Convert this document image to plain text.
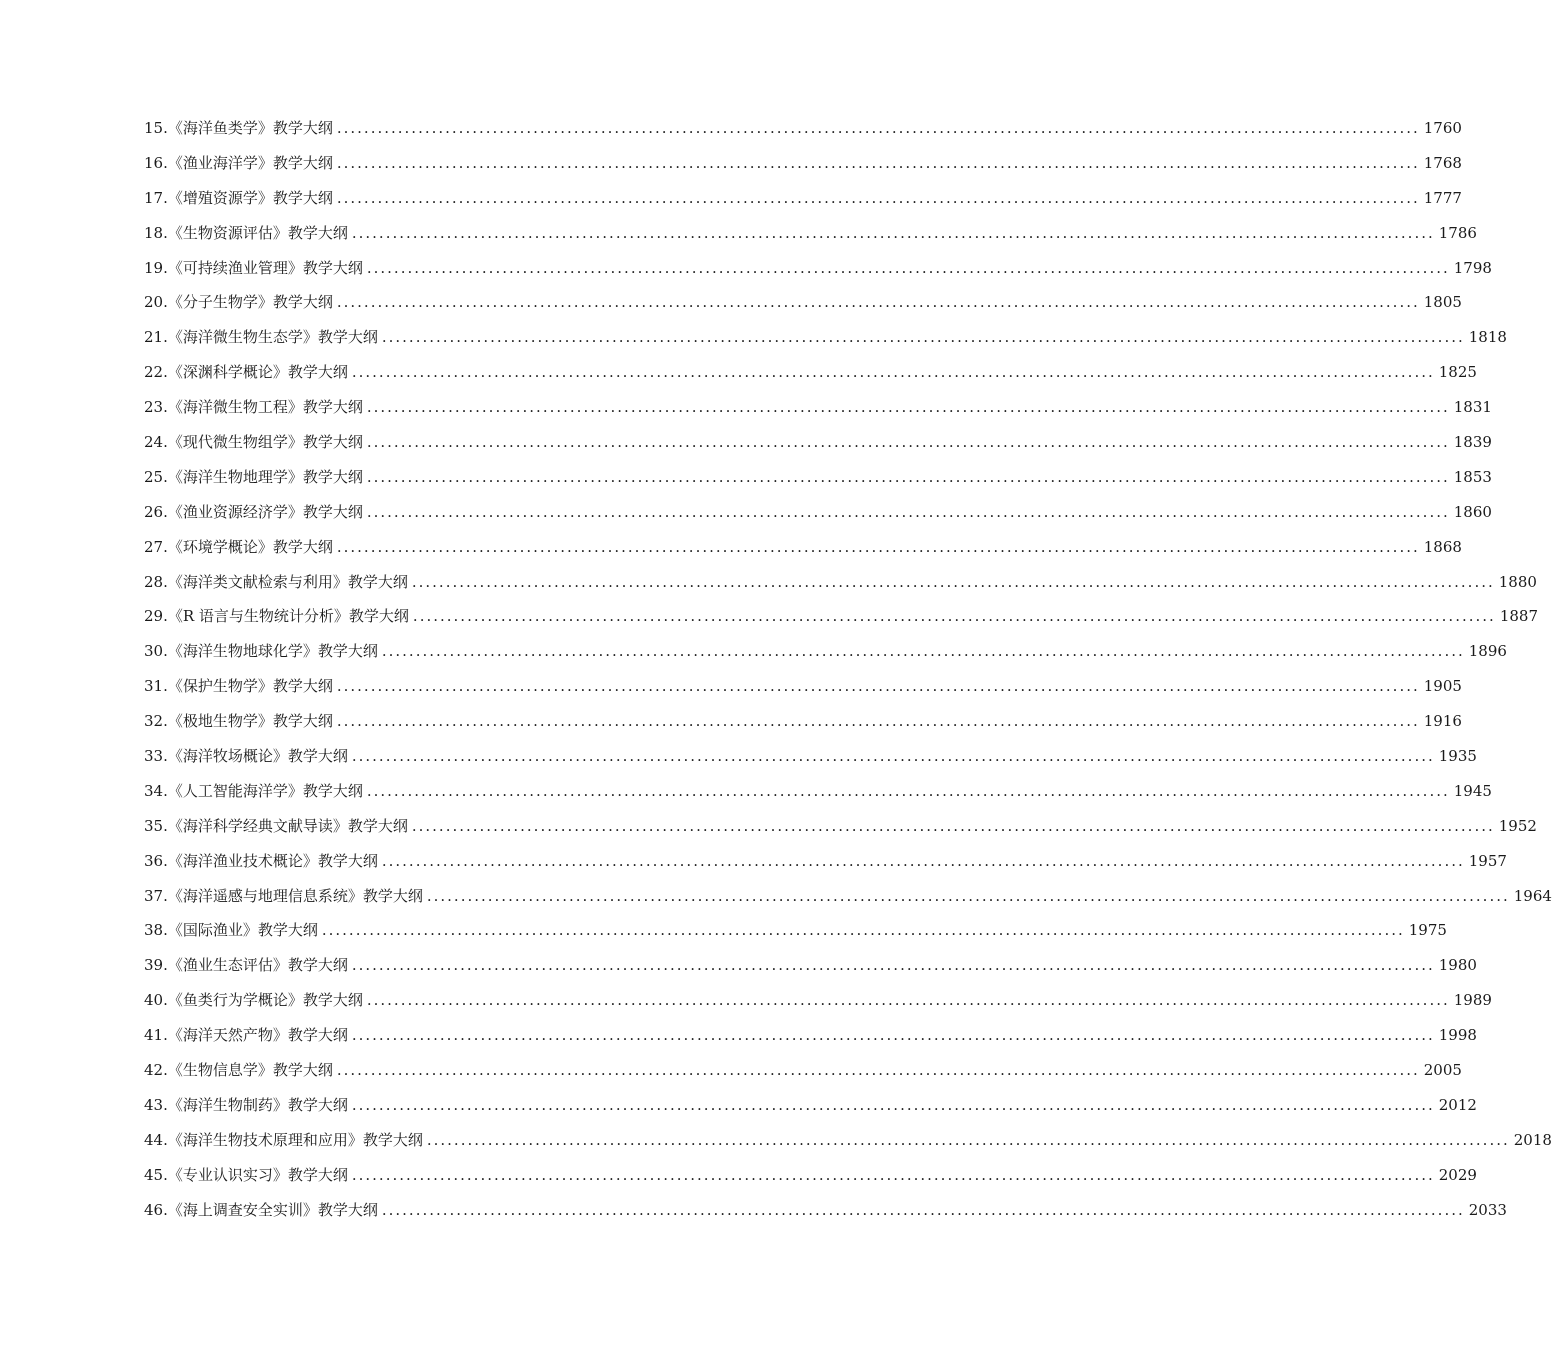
15.《海洋鱼类学》教学大纲 ................................................................................................................................................................ 1760
16.《渔业海洋学》教学大纲 ................................................................................................................................................................ 1768
17.《增殖资源学》教学大纲 ................................................................................................................................................................ 1777
18.《生物资源评估》教学大纲 ................................................................................................................................................................ 1786
19.《可持续渔业管理》教学大纲 ................................................................................................................................................................ 1798
20.《分子生物学》教学大纲 ................................................................................................................................................................ 1805
21.《海洋微生物生态学》教学大纲 ................................................................................................................................................................ 1818
22.《深渊科学概论》教学大纲 ................................................................................................................................................................ 1825
23.《海洋微生物工程》教学大纲 ................................................................................................................................................................ 1831
24.《现代微生物组学》教学大纲 ................................................................................................................................................................ 1839
25.《海洋生物地理学》教学大纲 ................................................................................................................................................................ 1853
26.《渔业资源经济学》教学大纲 ................................................................................................................................................................ 1860
27.《环境学概论》教学大纲 ................................................................................................................................................................ 1868
28.《海洋类文献检索与利用》教学大纲 ................................................................................................................................................................ 1880
29.《R 语言与生物统计分析》教学大纲 ................................................................................................................................................................ 1887
30.《海洋生物地球化学》教学大纲 ................................................................................................................................................................ 1896
31.《保护生物学》教学大纲 ................................................................................................................................................................ 1905
32.《极地生物学》教学大纲 ................................................................................................................................................................ 1916
33.《海洋牧场概论》教学大纲 ................................................................................................................................................................ 1935
34.《人工智能海洋学》教学大纲 ................................................................................................................................................................ 1945
35.《海洋科学经典文献导读》教学大纲 ................................................................................................................................................................ 1952
36.《海洋渔业技术概论》教学大纲 ................................................................................................................................................................ 1957
37.《海洋遥感与地理信息系统》教学大纲 ................................................................................................................................................................ 1964
38.《国际渔业》教学大纲 ................................................................................................................................................................ 1975
39.《渔业生态评估》教学大纲 ................................................................................................................................................................ 1980
40.《鱼类行为学概论》教学大纲 ................................................................................................................................................................ 1989
41.《海洋天然产物》教学大纲 ................................................................................................................................................................ 1998
42.《生物信息学》教学大纲 ................................................................................................................................................................ 2005
43.《海洋生物制药》教学大纲 ................................................................................................................................................................ 2012
44.《海洋生物技术原理和应用》教学大纲 ................................................................................................................................................................ 2018
45.《专业认识实习》教学大纲 ................................................................................................................................................................ 2029
46.《海上调查安全实训》教学大纲 ................................................................................................................................................................ 2033
